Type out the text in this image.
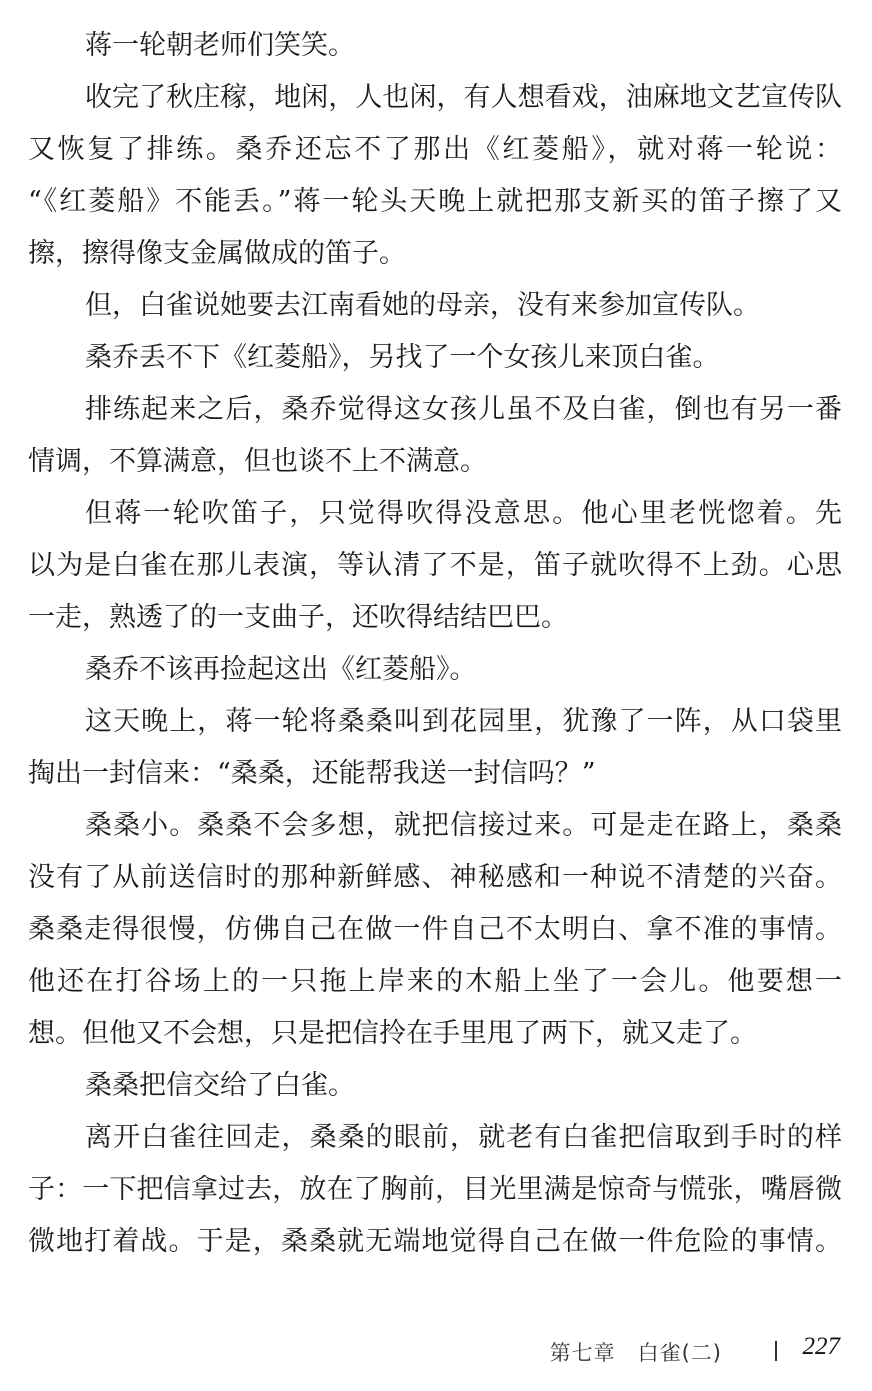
蒋一轮朝老师们笑笑。
收完了秋庄稼，地闲，人也闲，有人想看戏，油麻地文艺宣传队
又恢复了排练。桑乔还忘不了那出《红菱船》，就对蒋一轮说：
“《红菱船》不能丢。”蒋一轮头天晚上就把那支新买的笛子擦了又
擦，擦得像支金属做成的笛子。
但，白雀说她要去江南看她的母亲，没有来参加宣传队。
桑乔丢不下《红菱船》，另找了一个女孩儿来顶白雀。
排练起来之后，桑乔觉得这女孩儿虽不及白雀，倒也有另一番
情调，不算满意，但也谈不上不满意。
但蒋一轮吹笛子，只觉得吹得没意思。他心里老恍惚着。先
以为是白雀在那儿表演，等认清了不是，笛子就吹得不上劲。心思
一走，熟透了的一支曲子，还吹得结结巴巴。
桑乔不该再捡起这出《红菱船》。
这天晚上，蒋一轮将桑桑叫到花园里，犹豫了一阵，从口袋里
掏出一封信来：“桑桑，还能帮我送一封信吗？”
桑桑小。桑桑不会多想，就把信接过来。可是走在路上，桑桑
没有了从前送信时的那种新鲜感、神秘感和一种说不清楚的兴奋。
桑桑走得很慢，仿佛自己在做一件自己不太明白、拿不准的事情。
他还在打谷场上的一只拖上岸来的木船上坐了一会儿。他要想一
想。但他又不会想，只是把信拎在手里甩了两下，就又走了。
桑桑把信交给了白雀。
离开白雀往回走，桑桑的眼前，就老有白雀把信取到手时的样
子：一下把信拿过去，放在了胸前，目光里满是惊奇与慌张，嘴唇微
微地打着战。于是，桑桑就无端地觉得自己在做一件危险的事情。
第七章　白雀(二)	227
